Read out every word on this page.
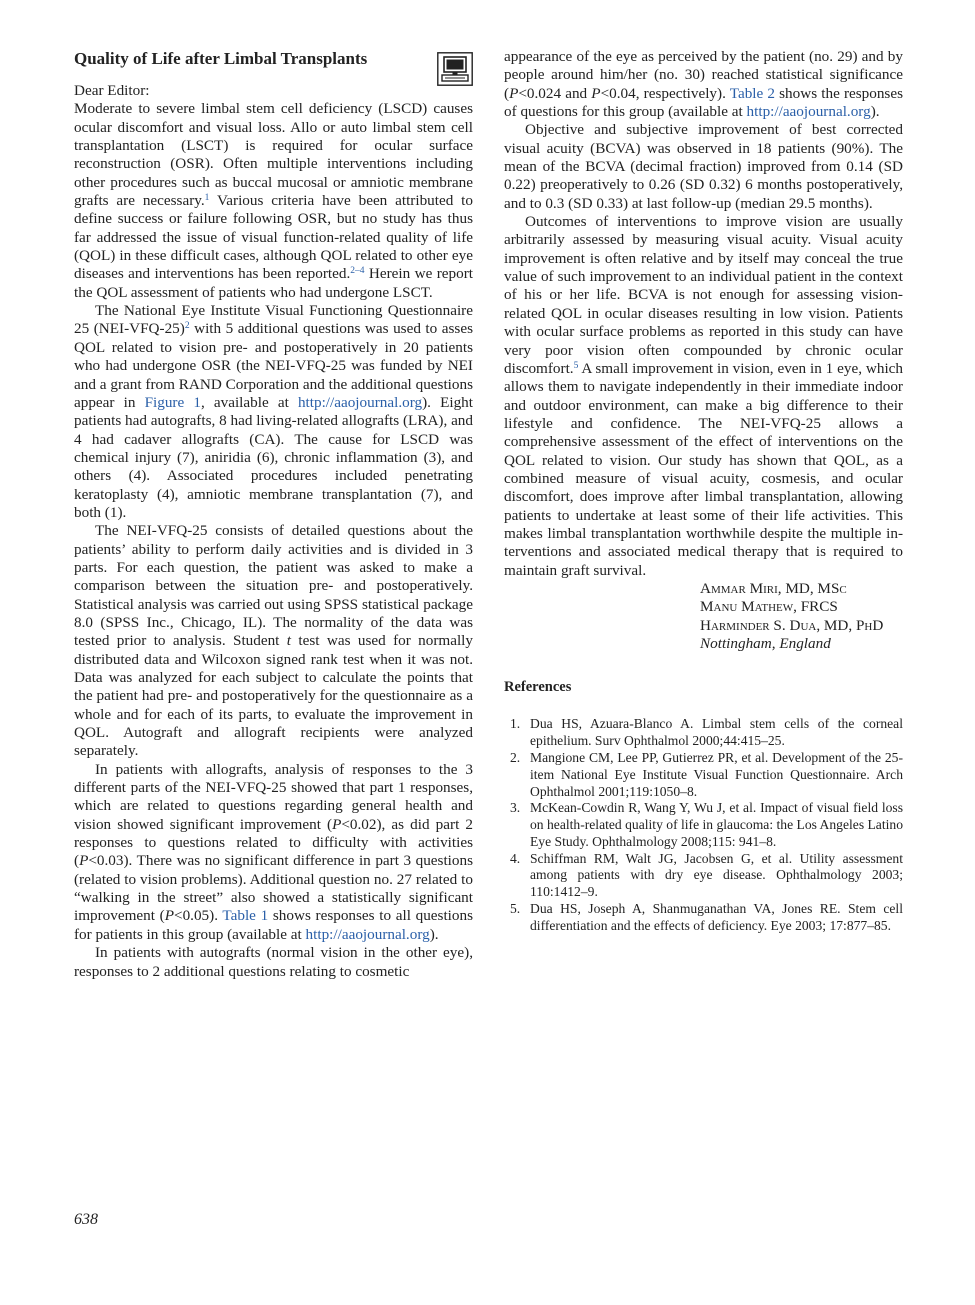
Quality of Life after Limbal Transplants

Dear Editor:

Moderate to severe limbal stem cell deficiency (LSCD) causes ocular discomfort and visual loss. Allo or auto limbal stem cell transplantation (LSCT) is required for ocular surface reconstruction (OSR). Often multiple interventions including other procedures such as buccal mucosal or amniotic membrane grafts are necessary.$^1$ Various criteria have been attributed to define success or failure following OSR, but no study has thus far addressed the issue of visual function-related quality of life (QOL) in these difficult cases, although QOL related to other eye diseases and interventions has been reported.$^{2-4}$ Herein we report the QOL assessment of patients who had undergone LSCT.

The National Eye Institute Visual Functioning Questionnaire 25 $(NEI-VFQ-25)^2$ with 5 additional questions was used to asses QOL related to vision pre- and postoperatively in 20 patients who had undergone OSR (the NEI-VFQ-25 was funded by NEI and a grant from RAND Corporation and the additional questions appear in Figure 1, available at http://aaojournal.org). Eight patients had autografts, 8 had living-related allografts (LRA), and 4 had cadaver allografts (CA). The cause for LSCD was chemical injury (7), aniridia (6), chronic inflammation (3), and others (4). Associated procedures included penetrating keratoplasty (4), amniotic membrane transplantation (7), and both (1).

The NEI-VFQ-25 consists of detailed questions about the patients’ ability to perform daily activities and is divided in 3 parts. For each question, the patient was asked to make a comparison between the situation pre- and postoperatively. Statistical analysis was carried out using SPSS statistical package 8.0 (SPSS Inc., Chicago, IL). The normality of the data was tested prior to analysis. Student t test was used for normally distributed data and Wilcoxon signed rank test when it was not. Data was analyzed for each subject to calculate the points that the patient had pre- and postoperatively for the questionnaire as a whole and for each of its parts, to evaluate the improvement in QOL. Autograft and allograft recipients were analyzed separately.

In patients with allografts, analysis of responses to the 3 different parts of the NEI-VFQ-25 showed that part 1 responses, which are related to questions regarding general health and vision showed significant improvement (P<0.02), as did part 2 responses to questions related to difficulty with activities (P<0.03). There was no significant difference in part 3 questions (related to vision problems). Additional question no. 27 related to “walking in the street” also showed a statistically significant improvement (P<0.05). Table 1 shows responses to all questions for patients in this group (available at http://aaojournal.org).

In patients with autografts (normal vision in the other eye), responses to 2 additional questions relating to cosmetic

appearance of the eye as perceived by the patient (no. 29) and by people around him/her (no. 30) reached statistical significance (P<0.024 and P<0.04, respectively). Table 2 shows the responses of questions for this group (available at http://aaojournal.org).

Objective and subjective improvement of best corrected visual acuity (BCVA) was observed in 18 patients (90%). The mean of the BCVA (decimal fraction) improved from 0.14 (SD 0.22) preoperatively to 0.26 (SD 0.32) 6 months postoperatively, and to 0.3 (SD 0.33) at last follow-up (median 29.5 months).

Outcomes of interventions to improve vision are usually arbitrarily assessed by measuring visual acuity. Visual acuity improvement is often relative and by itself may conceal the true value of such improvement to an individual patient in the context of his or her life. BCVA is not enough for assessing vision-related QOL in ocular diseases resulting in low vision. Patients with ocular surface problems as reported in this study can have very poor vision often compounded by chronic ocular discomfort.$^5$ A small improvement in vision, even in 1 eye, which allows them to navigate independently in their immediate indoor and outdoor environment, can make a big difference to their lifestyle and confidence. The NEI-VFQ-25 allows a comprehensive assessment of the effect of interventions on the QOL related to vision. Our study has shown that QOL, as a combined measure of visual acuity, cosmesis, and ocular discomfort, does improve after limbal transplantation, allowing patients to undertake at least some of their life activities. This makes limbal transplantation worthwhile despite the multiple interventions and associated medical therapy that is required to maintain graft survival.

Ammar Miri, MD, MSc
Manu Mathew, FRCS
Harminder S. Dua, MD, PhD
Nottingham, England
References
1. Dua HS, Azuara-Blanco A. Limbal stem cells of the corneal epithelium. Surv Ophthalmol 2000;44:415–25.
2. Mangione CM, Lee PP, Gutierrez PR, et al. Development of the 25-item National Eye Institute Visual Function Questionnaire. Arch Ophthalmol 2001;119:1050–8.
3. McKean-Cowdin R, Wang Y, Wu J, et al. Impact of visual field loss on health-related quality of life in glaucoma: the Los Angeles Latino Eye Study. Ophthalmology 2008;115: 941–8.
4. Schiffman RM, Walt JG, Jacobsen G, et al. Utility assessment among patients with dry eye disease. Ophthalmology 2003; 110:1412–9.
5. Dua HS, Joseph A, Shanmuganathan VA, Jones RE. Stem cell differentiation and the effects of deficiency. Eye 2003; 17:877–85.
638
